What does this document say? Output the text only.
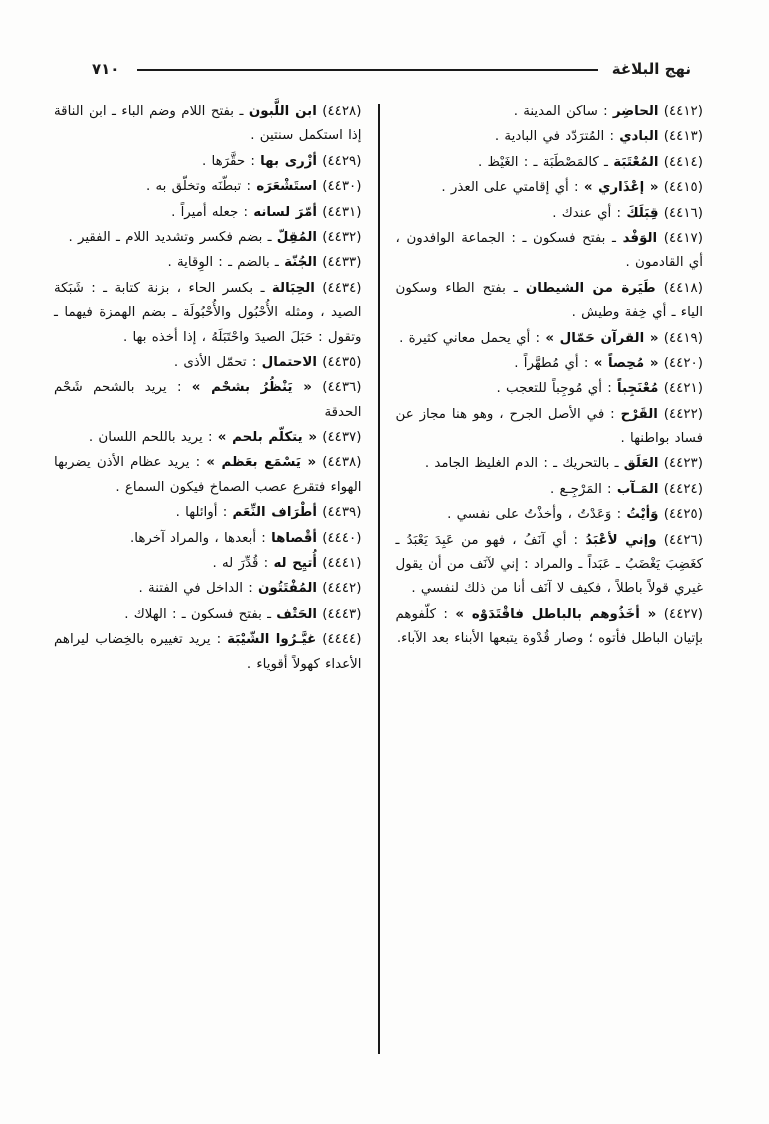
نهج البلاغة
٧١٠
(٤٤١٢) الحاضِر : ساكن المدينة .
(٤٤١٣) البادي : المُترَدّد في البادية .
(٤٤١٤) المُعْتَبَة ـ كالمَصْطَبَة ـ : الغَيْظ .
(٤٤١٥) « إعْذَاري » : أي إقامتي على العذر .
(٤٤١٦) قِبَلَكَ : أي عندك .
(٤٤١٧) الوَفْد ـ بفتح فسكون ـ : الجماعة الوافدون ، أي القادمون .
(٤٤١٨) طَيَرة من الشيطان ـ بفتح الطاء وسكون الياء ـ أي خِفة وطيش .
(٤٤١٩) « القرآن حَمّال » : أي يحمل معاني كثيرة .
(٤٤٢٠) « مُحِصاً » : أي مُطهَّراً .
(٤٤٢١) مُعْنَجِباً : أي مُوجِباً للتعجب .
(٤٤٢٢) القَرْح : في الأصل الجرح ، وهو هنا مجاز عن فساد بواطنها .
(٤٤٢٣) العَلَق ـ بالتحريك ـ : الدم الغليظ الجامد .
(٤٤٢٤) المَـآب : المَرْجِـع .
(٤٤٢٥) وَأيْتُ : وَعَدْتُ ، وأخذْتُ على نفسي .
(٤٤٢٦) وإني لأعْبَدُ : أي آنَفُ ، فهو من عَبِدَ يَعْبَدُ ـ كغَضِبَ يَغْضَبُ ـ عَبَداً ـ والمراد : إني لآنَف من أن يقول غيري قولاً باطلاً ، فكيف لا آنَف أنا من ذلك لنفسي .
(٤٤٢٧) « أخَذُوهم بالباطل فاقْتَدَوْه » : كلّفوهم بإتيان الباطل فأتوه ؛ وصار قُدْوة يتبعها الأبناء بعد الآباء.
(٤٤٢٨) ابن اللَّبون ـ بفتح اللام وضم الباء ـ ابن الناقة إذا استكمل سنتين .
(٤٤٢٩) أزْرى بها : حقَّرَها .
(٤٤٣٠) استَشْعَرَه : تبطّنَه وتخلّق به .
(٤٤٣١) أمّرَ لسانه : جعله أميراً .
(٤٤٣٢) المُقِلّ ـ بضم فكسر وتشديد اللام ـ الفقير .
(٤٤٣٣) الجُنّة ـ بالضم ـ : الوِقاية .
(٤٤٣٤) الحِبَالة ـ بكسر الحاء ، بزنة كتابة ـ : شَبَكة الصيد ، ومثله الأُحْبُول والأُحْبُولَة ـ بضم الهمزة فيهما ـ وتقول : حَبَلَ الصيدَ واحْتَبَلَهُ ، إذا أخذه بها .
(٤٤٣٥) الاحتمال : تحمّل الأذى .
(٤٤٣٦) « يَنْظُرُ بشحْم » : يريد بالشحم شَحْم الحدقة
(٤٤٣٧) « يتكلّم بلحم » : يريد باللحم اللسان .
(٤٤٣٨) « يَسْمَع بعَظم » : يريد عظام الأذن يضربها الهواء فتقرع عصب الصماخ فيكون السماع .
(٤٤٣٩) أطْرَاف النِّعَم : أوائلها .
(٤٤٤٠) أقْصاها : أبعدها ، والمراد آخرها.
(٤٤٤١) أُتيِح له : قُدِّرَ له .
(٤٤٤٢) المُفْتَتُون : الداخل في الفتنة .
(٤٤٤٣) الحَتْف ـ بفتح فسكون ـ : الهلاك .
(٤٤٤٤) غيَّـرُوا الشّيْبَة : يريد تغييره بالخِضاب ليراهم الأعداء كهولاً أقوياء .
